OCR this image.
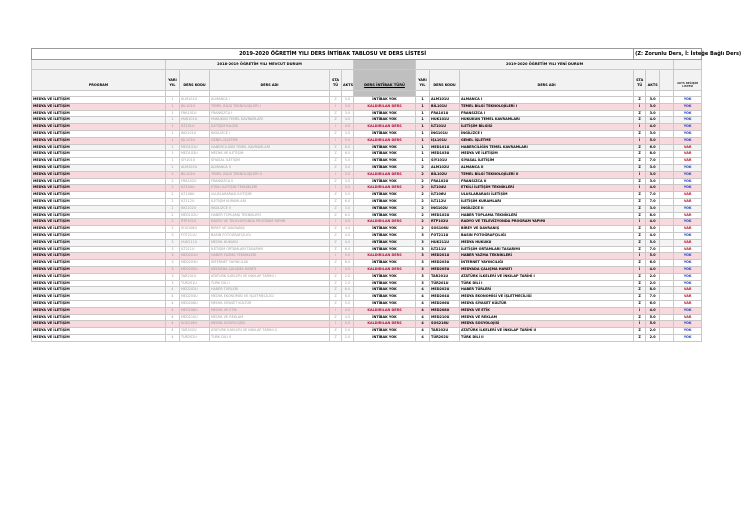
2019-2020 ÖĞRETİM YILI DERS İNTİBAK TABLOSU VE DERS LİSTESİ										(Z: Zorunlu Ders, İ: İsteğe Bağlı Ders)			
	2018-2019 ÖĞRETİM YILI MEVCUT DURUM						2019-2020 ÖĞRETİM YILI YENİ DURUM						
PROGRAM	YARI YIL	DERS KODU	DERS ADI	STA TÜ	AKTS	DERS İNTİBAK TÜRÜ	YARI YIL	DERS KODU	DERS ADI	STA TÜ	AKTS		AKTS DEĞİŞİM LİSTESİ

MEDYA VE İLETİŞİM	1	ALM101U	ALMANCA I	Z	3.0	İNTİBAK YOK	1	ALM101U	ALMANCA I	Z	3.0		YOK
MEDYA VE İLETİŞİM	1	BİL101U	TEMEL BİLGİ TEKNOLOJİLERİ I	İ	3.0	KALDIRILAN DERS	1	BİL101U	TEMEL BİLGİ TEKNOLOJİLERİ I	İ	3.0		YOK
MEDYA VE İLETİŞİM	1	FRA101U	FRANSIZCA I	Z	3.0	İNTİBAK YOK	1	FRA101U	FRANSIZCA I	Z	3.0		YOK
MEDYA VE İLETİŞİM	1	HUK101U	HUKUKUN TEMEL KAVRAMLARI	Z	4.0	İNTİBAK YOK	1	HUK101U	HUKUKUN TEMEL KAVRAMLARI	Z	4.0		YOK
MEDYA VE İLETİŞİM	1	İLT101U	İLETİŞİM BİLGİSİ	İ	4.0	KALDIRILAN DERS	1	İLT101U	İLETİŞİM BİLGİSİ	İ	4.0		YOK
MEDYA VE İLETİŞİM	1	İNG101U	İNGİLİZCE I	Z	3.0	İNTİBAK YOK	1	İNG101U	İNGİLİZCE I	Z	3.0		YOK
MEDYA VE İLETİŞİM	1	İŞL101U	GENEL İŞLETME	İ	5.0	KALDIRILAN DERS	1	İŞL101U	GENEL İŞLETME	İ	5.0		YOK
MEDYA VE İLETİŞİM	1	MED101U	HABERCİLİĞİN TEMEL KAVRAMLARI	Z	6.0	İNTİBAK YOK	1	MED101U	HABERCİLİĞİN TEMEL KAVRAMLARI	Z	6.0		VAR
MEDYA VE İLETİŞİM	1	MED103U	MEDYA VE İLETİŞİM	Z	6.0	İNTİBAK YOK	1	MED103U	MEDYA VE İLETİŞİM	Z	8.0		VAR
MEDYA VE İLETİŞİM	1	SİY101U	SİYASAL İLETİŞİM	Z	5.0	İNTİBAK YOK	1	SİY101U	SİYASAL İLETİŞİM	Z	7.0		VAR
MEDYA VE İLETİŞİM	2	ALM102U	ALMANCA II	Z	3.0	İNTİBAK YOK	2	ALM102U	ALMANCA II	Z	3.0		YOK
MEDYA VE İLETİŞİM	2	BİL102U	TEMEL BİLGİ TEKNOLOJİLERİ II	İ	3.0	KALDIRILAN DERS	2	BİL102U	TEMEL BİLGİ TEKNOLOJİLERİ II	İ	3.0		YOK
MEDYA VE İLETİŞİM	2	FRA102U	FRANSIZCA II	Z	3.0	İNTİBAK YOK	2	FRA102U	FRANSIZCA II	Z	3.0		YOK
MEDYA VE İLETİŞİM	2	İLT104U	ETKİLİ İLETİŞİM TEKNİKLERİ	İ	4.0	KALDIRILAN DERS	2	İLT104U	ETKİLİ İLETİŞİM TEKNİKLERİ	İ	4.0		YOK
MEDYA VE İLETİŞİM	2	İLT106U	ULUSLARARASI İLETİŞİM	Z	5.0	İNTİBAK YOK	2	İLT106U	ULUSLARARASI İLETİŞİM	Z	7.0		VAR
MEDYA VE İLETİŞİM	2	İLT112U	İLETİŞİM KURAMLARI	Z	6.0	İNTİBAK YOK	2	İLT112U	İLETİŞİM KURAMLARI	Z	7.0		VAR
MEDYA VE İLETİŞİM	2	İNG102U	İNGİLİZCE II	Z	3.0	İNTİBAK YOK	2	İNG102U	İNGİLİZCE II	Z	3.0		YOK
MEDYA VE İLETİŞİM	2	MED102U	HABER TOPLAMA TEKNİKLERİ	Z	6.0	İNTİBAK YOK	2	MED102U	HABER TOPLAMA TEKNİKLERİ	Z	8.0		VAR
MEDYA VE İLETİŞİM	2	RTP102U	RADYO VE TELEVİZYONDA PROGRAM YAPIMI	İ	4.0	KALDIRILAN DERS	2	RTP102U	RADYO VE TELEVİZYONDA PROGRAM YAPIMI	İ	4.0		YOK
MEDYA VE İLETİŞİM	2	SOS106U	BİREY VE DAVRANIŞ	Z	4.0	İNTİBAK YOK	2	SOS106U	BİREY VE DAVRANIŞ	Z	5.0		VAR
MEDYA VE İLETİŞİM	3	FOT211U	BASIN FOTOĞRAFÇILIĞI	Z	4.0	İNTİBAK YOK	3	FOT211U	BASIN FOTOĞRAFÇILIĞI	Z	4.0		YOK
MEDYA VE İLETİŞİM	3	HUK211U	MEDYA HUKUKU	Z	4.0	İNTİBAK YOK	3	HUK211U	MEDYA HUKUKU	Z	5.0		VAR
MEDYA VE İLETİŞİM	3	İLT211U	İLETİŞİM ORTAMLARI TASARIMI	Z	6.0	İNTİBAK YOK	3	İLT211U	İLETİŞİM ORTAMLARI TASARIMI	Z	7.0		VAR
MEDYA VE İLETİŞİM	3	MED201U	HABER YAZMA TEKNİKLERİ	İ	5.0	KALDIRILAN DERS	3	MED201U	HABER YAZMA TEKNİKLERİ	İ	5.0		YOK
MEDYA VE İLETİŞİM	3	MED203U	İNTERNET YAYINCILIĞI	Z	6.0	İNTİBAK YOK	3	MED203U	İNTERNET YAYINCILIĞI	Z	6.0		YOK
MEDYA VE İLETİŞİM	3	MED205U	MEDYADA ÇALIŞMA HAYATI	İ	4.0	KALDIRILAN DERS	3	MED205U	MEDYADA ÇALIŞMA HAYATI	İ	4.0		YOK
MEDYA VE İLETİŞİM	3	TAR201U	ATATÜRK İLKELERİ VE İNKILAP TARİHİ I	Z	2.0	İNTİBAK YOK	3	TAR201U	ATATÜRK İLKELERİ VE İNKILAP TARİHİ I	Z	2.0		YOK
MEDYA VE İLETİŞİM	3	TÜR201U	TÜRK DİLİ I	Z	2.0	İNTİBAK YOK	3	TÜR201U	TÜRK DİLİ I	Z	2.0		YOK
MEDYA VE İLETİŞİM	4	MED202U	HABER TÜRLERİ	Z	6.0	İNTİBAK YOK	4	MED202U	HABER TÜRLERİ	Z	8.0		VAR
MEDYA VE İLETİŞİM	4	MED204U	MEDYA EKONOMİSİ VE İŞLETMECİLİĞİ	Z	6.0	İNTİBAK YOK	4	MED204U	MEDYA EKONOMİSİ VE İŞLETMECİLİĞİ	Z	7.0		VAR
MEDYA VE İLETİŞİM	4	MED206U	MEDYA SİYASET KÜLTÜR	Z	5.0	İNTİBAK YOK	4	MED206U	MEDYA SİYASET KÜLTÜR	Z	6.0		VAR
MEDYA VE İLETİŞİM	4	MED208U	MEDYA VE ETİK	İ	4.0	KALDIRILAN DERS	4	MED208U	MEDYA VE ETİK	İ	4.0		YOK
MEDYA VE İLETİŞİM	4	MED210U	MEDYA VE REKLAM	Z	4.0	İNTİBAK YOK	4	MED210U	MEDYA VE REKLAM	Z	5.0		VAR
MEDYA VE İLETİŞİM	4	SOS216U	MEDYA SOSYOLOJİSİ	İ	5.0	KALDIRILAN DERS	4	SOS216U	MEDYA SOSYOLOJİSİ	İ	5.0		YOK
MEDYA VE İLETİŞİM	4	TAR202U	ATATÜRK İLKELERİ VE İNKILAP TARİHİ II	Z	2.0	İNTİBAK YOK	4	TAR202U	ATATÜRK İLKELERİ VE İNKILAP TARİHİ II	Z	2.0		YOK
MEDYA VE İLETİŞİM	4	TÜR202U	TÜRK DİLİ II	Z	2.0	İNTİBAK YOK	4	TÜR202U	TÜRK DİLİ II	Z	2.0		YOK
